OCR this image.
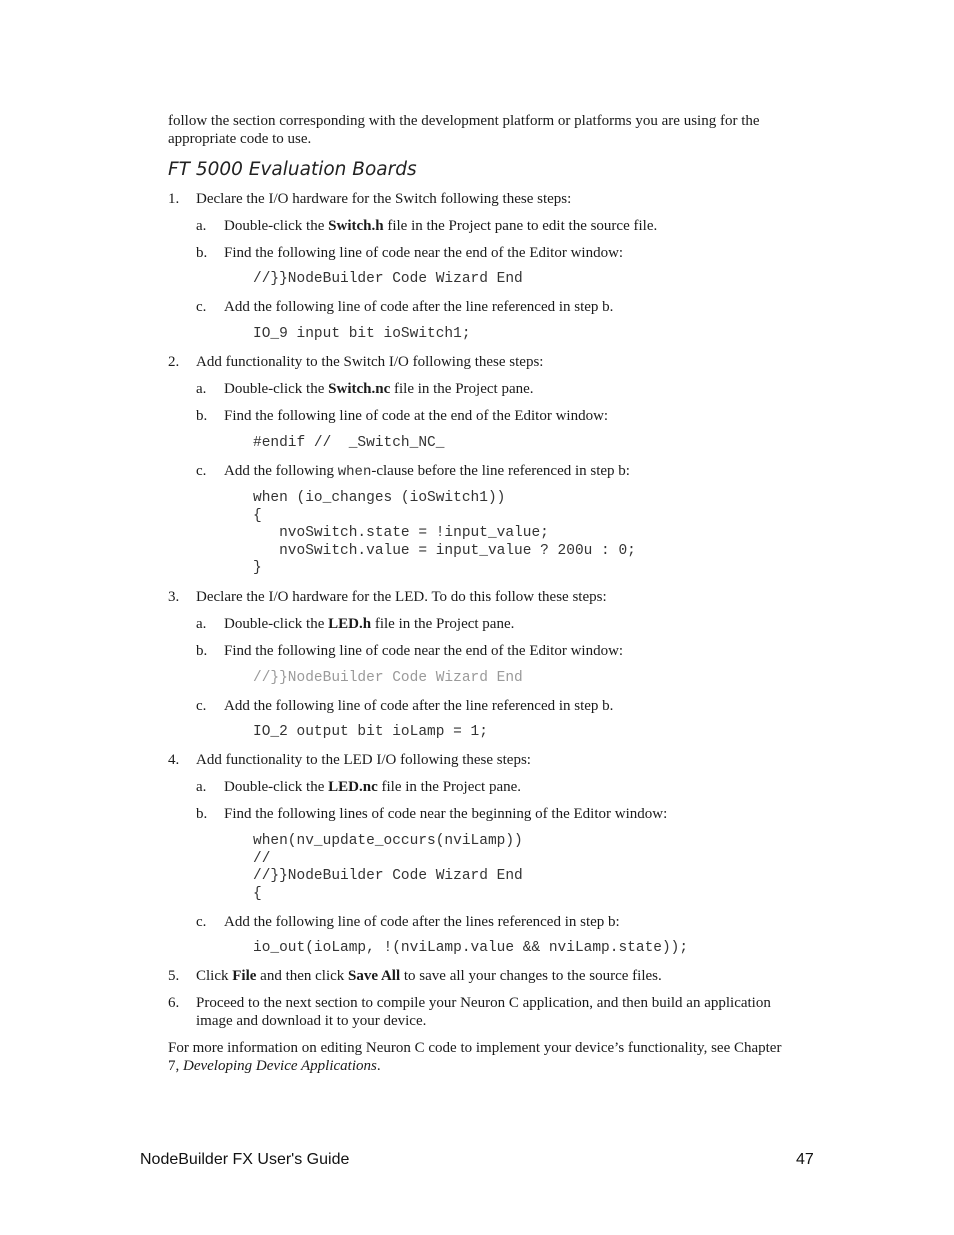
follow the section corresponding with the development platform or platforms you are using for the appropriate code to use.
FT 5000 Evaluation Boards
1. Declare the I/O hardware for the Switch following these steps:
a. Double-click the Switch.h file in the Project pane to edit the source file.
b. Find the following line of code near the end of the Editor window:
//}}NodeBuilder Code Wizard End
c. Add the following line of code after the line referenced in step b.
IO_9 input bit ioSwitch1;
2. Add functionality to the Switch I/O following these steps:
a. Double-click the Switch.nc file in the Project pane.
b. Find the following line of code at the end of the Editor window:
#endif //  _Switch_NC_
c. Add the following when-clause before the line referenced in step b:
when (io_changes (ioSwitch1))
{
nvoSwitch.state = !input_value;
nvoSwitch.value = input_value ? 200u : 0;
}
3. Declare the I/O hardware for the LED. To do this follow these steps:
a. Double-click the LED.h file in the Project pane.
b. Find the following line of code near the end of the Editor window:
//}}NodeBuilder Code Wizard End
c. Add the following line of code after the line referenced in step b.
IO_2 output bit ioLamp = 1;
4. Add functionality to the LED I/O following these steps:
a. Double-click the LED.nc file in the Project pane.
b. Find the following lines of code near the beginning of the Editor window:
when(nv_update_occurs(nviLamp))
//
//}}NodeBuilder Code Wizard End
{
c. Add the following line of code after the lines referenced in step b:
io_out(ioLamp, !(nviLamp.value && nviLamp.state));
5. Click File and then click Save All to save all your changes to the source files.
6. Proceed to the next section to compile your Neuron C application, and then build an application
image and download it to your device.
For more information on editing Neuron C code to implement your device’s functionality, see Chapter
7, Developing Device Applications.
NodeBuilder FX User's Guide	47
